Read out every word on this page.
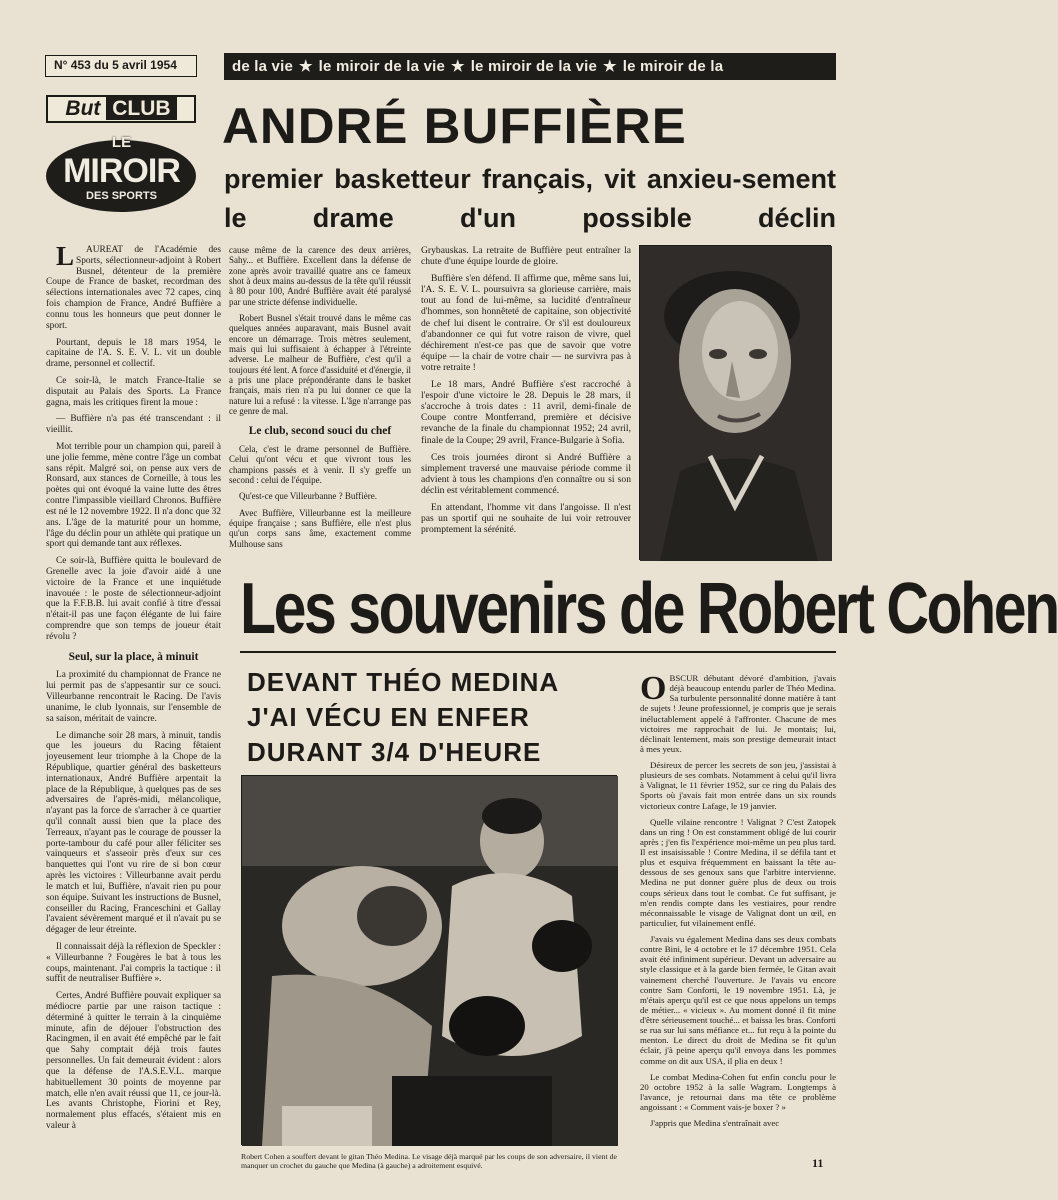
N° 453 du 5 avril 1954	de la vie ★ le miroir de la vie ★ le miroir de la vie ★ le miroir de la
But CLUB
LE
MIROIR
DES SPORTS
ANDRÉ BUFFIÈRE
premier basketteur français, vit anxieu-sement le drame d'un possible déclin

LAUREAT de l'Académie des Sports, sélectionneur-adjoint à Robert Busnel, détenteur de la première Coupe de France de basket, recordman des sélections internationales avec 72 capes, cinq fois champion de France, André Buffière a connu tous les honneurs que peut donner le sport.

Pourtant, depuis le 18 mars 1954, le capitaine de l'A. S. E. V. L. vit un double drame, personnel et collectif.

Ce soir-là, le match France-Italie se disputait au Palais des Sports. La France gagna, mais les critiques firent la moue :

— Buffière n'a pas été transcendant : il vieillit.

Mot terrible pour un champion qui, pareil à une jolie femme, mène contre l'âge un combat sans répit. Malgré soi, on pense aux vers de Ronsard, aux stances de Corneille, à tous les poètes qui ont évoqué la vaine lutte des êtres contre l'impassible vieillard Chronos. Buffière est né le 12 novembre 1922. Il n'a donc que 32 ans. L'âge de la maturité pour un homme, l'âge du déclin pour un athlète qui pratique un sport qui demande tant aux réflexes.

Ce soir-là, Buffière quitta le boulevard de Grenelle avec la joie d'avoir aidé à une victoire de la France et une inquiétude inavouée : le poste de sélectionneur-adjoint que la F.F.B.B. lui avait confié à titre d'essai n'était-il pas une façon élégante de lui faire comprendre que son temps de joueur était révolu ?

Seul, sur la place, à minuit

La proximité du championnat de France ne lui permit pas de s'appesantir sur ce souci. Villeurbanne rencontrait le Racing. De l'avis unanime, le club lyonnais, sur l'ensemble de sa saison, méritait de vaincre.

Le dimanche soir 28 mars, à minuit, tandis que les joueurs du Racing fêtaient joyeusement leur triomphe à la Chope de la République, quartier général des basketteurs internationaux, André Buffière arpentait la place de la République, à quelques pas de ses adversaires de l'après-midi, mélancolique, n'ayant pas la force de s'arracher à ce quartier qu'il connaît aussi bien que la place des Terreaux, n'ayant pas le courage de pousser la porte-tambour du café pour aller féliciter ses vainqueurs et s'asseoir près d'eux sur ces banquettes qui l'ont vu rire de si bon cœur après les victoires : Villeurbanne avait perdu le match et lui, Buffière, n'avait rien pu pour son équipe. Suivant les instructions de Busnel, conseiller du Racing, Franceschini et Gallay l'avaient sévèrement marqué et il n'avait pu se dégager de leur étreinte.

Il connaissait déjà la réflexion de Speckler : « Villeurbanne ? Fougères le bat à tous les coups, maintenant. J'ai compris la tactique : il suffit de neutraliser Buffière ».

Certes, André Buffière pouvait expliquer sa médiocre partie par une raison tactique : déterminé à quitter le terrain à la cinquième minute, afin de déjouer l'obstruction des Racingmen, il en avait été empêché par le fait que Sahy comptait déjà trois fautes personnelles. Un fait demeurait évident : alors que la défense de l'A.S.E.V.L. marque habituellement 30 points de moyenne par match, elle n'en avait réussi que 11, ce jour-là. Les avants Christophe, Fiorini et Rey, normalement plus effacés, s'étaient mis en valeur à

cause même de la carence des deux arrières, Sahy... et Buffière. Excellent dans la défense de zone après avoir travaillé quatre ans ce fameux shot à deux mains au-dessus de la tête qu'il réussit à 80 pour 100, André Buffière avait été paralysé par une stricte défense individuelle.

Robert Busnel s'était trouvé dans le même cas quelques années auparavant, mais Busnel avait encore un démarrage. Trois mètres seulement, mais qui lui suffisaient à échapper à l'étreinte adverse. Le malheur de Buffière, c'est qu'il a toujours été lent. A force d'assiduité et d'énergie, il a pris une place prépondérante dans le basket français, mais rien n'a pu lui donner ce que la nature lui a refusé : la vitesse. L'âge n'arrange pas ce genre de mal.

Le club, second souci du chef

Cela, c'est le drame personnel de Buffière. Celui qu'ont vécu et que vivront tous les champions passés et à venir. Il s'y greffe un second : celui de l'équipe.

Qu'est-ce que Villeurbanne ? Buffière.

Avec Buffière, Villeurbanne est la meilleure équipe française ; sans Buffière, elle n'est plus qu'un corps sans âme, exactement comme Mulhouse sans

Grybauskas. La retraite de Buffière peut entraîner la chute d'une équipe lourde de gloire.

Buffière s'en défend. Il affirme que, même sans lui, l'A. S. E. V. L. poursuivra sa glorieuse carrière, mais tout au fond de lui-même, sa lucidité d'entraîneur d'hommes, son honnêteté de capitaine, son objectivité de chef lui disent le contraire. Or s'il est douloureux d'abandonner ce qui fut votre raison de vivre, quel déchirement n'est-ce pas que de savoir que votre équipe — la chair de votre chair — ne survivra pas à votre retraite !

Le 18 mars, André Buffière s'est raccroché à l'espoir d'une victoire le 28. Depuis le 28 mars, il s'accroche à trois dates : 11 avril, demi-finale de Coupe contre Montferrand, première et décisive revanche de la finale du championnat 1952; 24 avril, finale de la Coupe; 29 avril, France-Bulgarie à Sofia.

Ces trois journées diront si André Buffière a simplement traversé une mauvaise période comme il advient à tous les champions d'en connaître ou si son déclin est véritablement commencé.

En attendant, l'homme vit dans l'angoisse. Il n'est pas un sportif qui ne souhaite de lui voir retrouver promptement la sérénité.

Les souvenirs de Robert Cohen
DEVANT THÉO MEDINA
J'AI VÉCU EN ENFER
DURANT 3/4 D'HEURE
Robert Cohen a souffert devant le gitan Théo Medina. Le visage déjà marqué par les coups de son adversaire, il vient de manquer un crochet du gauche que Medina (à gauche) a adroitement esquivé.

OBSCUR débutant dévoré d'ambition, j'avais déjà beaucoup entendu parler de Théo Medina. Sa turbulente personnalité donne matière à tant de sujets ! Jeune professionnel, je compris que je serais inéluctablement appelé à l'affronter. Chacune de mes victoires me rapprochait de lui. Je montais; lui, déclinait lentement, mais son prestige demeurait intact à mes yeux.

Désireux de percer les secrets de son jeu, j'assistai à plusieurs de ses combats. Notamment à celui qu'il livra à Valignat, le 11 février 1952, sur ce ring du Palais des Sports où j'avais fait mon entrée dans un six rounds victorieux contre Lafage, le 19 janvier.

Quelle vilaine rencontre ! Valignat ? C'est Zatopek dans un ring ! On est constamment obligé de lui courir après ; j'en fis l'expérience moi-même un peu plus tard. Il est insaisissable ! Contre Medina, il se défila tant et plus et esquiva fréquemment en baissant la tête au-dessous de ses genoux sans que l'arbitre intervienne. Medina ne put donner guère plus de deux ou trois coups sérieux dans tout le combat. Ce fut suffisant, je m'en rendis compte dans les vestiaires, pour rendre méconnaissable le visage de Valignat dont un œil, en particulier, fut vilainement enflé.

J'avais vu également Medina dans ses deux combats contre Bini, le 4 octobre et le 17 décembre 1951. Cela avait été infiniment supérieur. Devant un adversaire au style classique et à la garde bien fermée, le Gitan avait vainement cherché l'ouverture. Je l'avais vu encore contre Sam Conforti, le 19 novembre 1951. Là, je m'étais aperçu qu'il est ce que nous appelons un temps de métier... « vicieux ». Au moment donné il fit mine d'être sérieusement touché... et baissa les bras. Conforti se rua sur lui sans méfiance et... fut reçu à la pointe du menton. Le direct du droit de Medina se fit qu'un éclair, j'à peine aperçu qu'il envoya dans les pommes comme on dit aux USA, il plia en deux !

Le combat Medina-Cohen fut enfin conclu pour le 20 octobre 1952 à la salle Wagram. Longtemps à l'avance, je retournai dans ma tête ce problème angoissant : « Comment vais-je boxer ? »

J'appris que Medina s'entraînait avec

11
